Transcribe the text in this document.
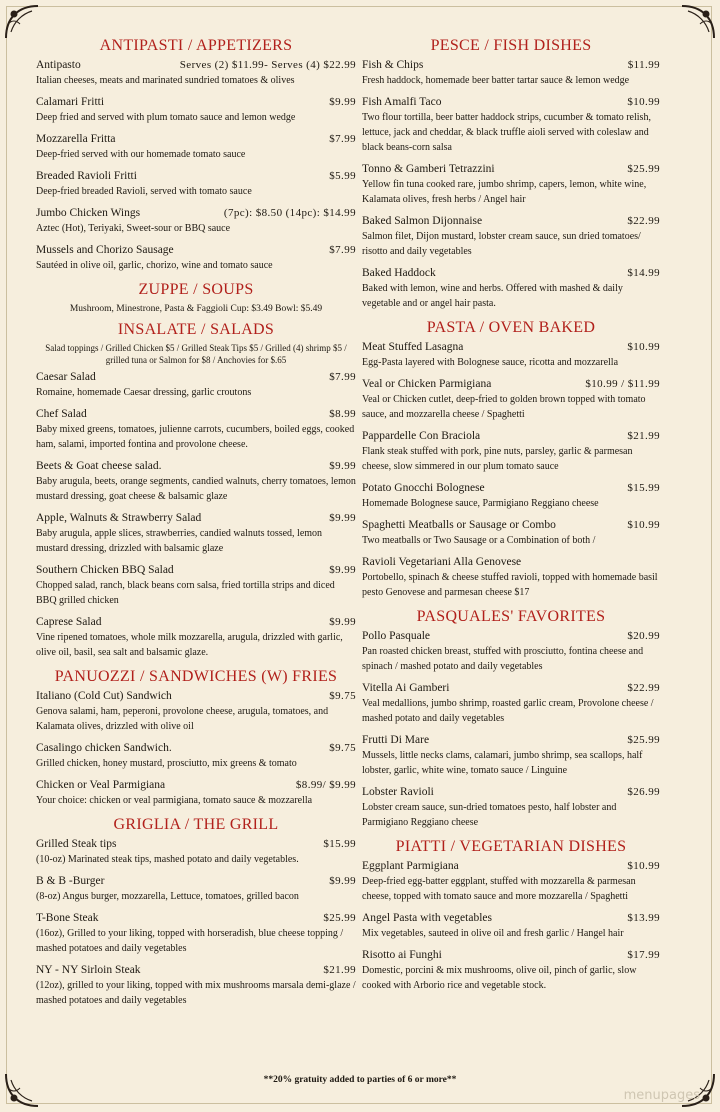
ANTIPASTI / APPETIZERS
Antipasto	Serves (2) $11.99- Serves (4) $22.99
Italian cheeses, meats and marinated sundried tomatoes & olives
Calamari Fritti	$9.99
Deep fried and served with plum tomato sauce and lemon wedge
Mozzarella Fritta	$7.99
Deep-fried served with our homemade tomato sauce
Breaded Ravioli Fritti	$5.99
Deep-fried breaded Ravioli, served with tomato sauce
Jumbo Chicken Wings	(7pc): $8.50 (14pc): $14.99
Aztec (Hot), Teriyaki, Sweet-sour or BBQ sauce
Mussels and Chorizo Sausage	$7.99
Sautéed in olive oil, garlic, chorizo, wine and tomato sauce
ZUPPE / SOUPS
Mushroom, Minestrone, Pasta & Faggioli Cup: $3.49 Bowl: $5.49
INSALATE / SALADS
Salad toppings / Grilled Chicken $5 / Grilled Steak Tips $5 / Grilled (4) shrimp $5 / grilled tuna or Salmon for $8 / Anchovies for $.65
Caesar Salad	$7.99
Romaine, homemade Caesar dressing, garlic croutons
Chef Salad	$8.99
Baby mixed greens, tomatoes, julienne carrots, cucumbers, boiled eggs, cooked ham, salami, imported fontina and provolone cheese.
Beets & Goat cheese salad.	$9.99
Baby arugula, beets, orange segments, candied walnuts, cherry tomatoes, lemon mustard dressing, goat cheese & balsamic glaze
Apple, Walnuts & Strawberry Salad	$9.99
Baby arugula, apple slices, strawberries, candied walnuts tossed, lemon mustard dressing, drizzled with balsamic glaze
Southern Chicken BBQ Salad	$9.99
Chopped salad, ranch, black beans corn salsa, fried tortilla strips and diced BBQ grilled chicken
Caprese Salad	$9.99
Vine ripened tomatoes, whole milk mozzarella, arugula, drizzled with garlic, olive oil, basil, sea salt and balsamic glaze.
PANUOZZI / SANDWICHES (W) FRIES
Italiano (Cold Cut) Sandwich	$9.75
Genova salami, ham, peperoni, provolone cheese, arugula, tomatoes, and Kalamata olives, drizzled with olive oil
Casalingo chicken Sandwich.	$9.75
Grilled chicken, honey mustard, prosciutto, mix greens & tomato
Chicken or Veal Parmigiana	$8.99/ $9.99
Your choice: chicken or veal parmigiana, tomato sauce & mozzarella
GRIGLIA / THE GRILL
Grilled Steak tips	$15.99
(10-oz) Marinated steak tips, mashed potato and daily vegetables.
B & B -Burger	$9.99
(8-oz) Angus burger, mozzarella, Lettuce, tomatoes, grilled bacon
T-Bone Steak	$25.99
(16oz), Grilled to your liking, topped with horseradish, blue cheese topping / mashed potatoes and daily vegetables
NY - NY Sirloin Steak	$21.99
(12oz), grilled to your liking, topped with mix mushrooms marsala demi-glaze / mashed potatoes and daily vegetables
PESCE / FISH DISHES
Fish & Chips	$11.99
Fresh haddock, homemade beer batter tartar sauce & lemon wedge
Fish Amalfi Taco	$10.99
Two flour tortilla, beer batter haddock strips, cucumber & tomato relish, lettuce, jack and cheddar, & black truffle aioli served with coleslaw and black beans-corn salsa
Tonno & Gamberi Tetrazzini	$25.99
Yellow fin tuna cooked rare, jumbo shrimp, capers, lemon, white wine, Kalamata olives, fresh herbs / Angel hair
Baked Salmon Dijonnaise	$22.99
Salmon filet, Dijon mustard, lobster cream sauce, sun dried tomatoes/ risotto and daily vegetables
Baked Haddock	$14.99
Baked with lemon, wine and herbs. Offered with mashed & daily vegetable and or angel hair pasta.
PASTA / OVEN BAKED
Meat Stuffed Lasagna	$10.99
Egg-Pasta layered with Bolognese sauce, ricotta and mozzarella
Veal or Chicken Parmigiana	$10.99 / $11.99
Veal or Chicken cutlet, deep-fried to golden brown topped with tomato sauce, and mozzarella cheese / Spaghetti
Pappardelle Con Braciola	$21.99
Flank steak stuffed with pork, pine nuts, parsley, garlic & parmesan cheese, slow simmered in our plum tomato sauce
Potato Gnocchi Bolognese	$15.99
Homemade Bolognese sauce, Parmigiano Reggiano cheese
Spaghetti Meatballs or Sausage or Combo	$10.99
Two meatballs or Two Sausage or a Combination of both /
Ravioli Vegetariani Alla Genovese
Portobello, spinach & cheese stuffed ravioli, topped with homemade basil pesto Genovese and parmesan cheese $17
PASQUALES' FAVORITES
Pollo Pasquale	$20.99
Pan roasted chicken breast, stuffed with prosciutto, fontina cheese and spinach / mashed potato and daily vegetables
Vitella Ai Gamberi	$22.99
Veal medallions, jumbo shrimp, roasted garlic cream, Provolone cheese / mashed potato and daily vegetables
Frutti Di Mare	$25.99
Mussels, little necks clams, calamari, jumbo shrimp, sea scallops, half lobster, garlic, white wine, tomato sauce / Linguine
Lobster Ravioli	$26.99
Lobster cream sauce, sun-dried tomatoes pesto, half lobster and Parmigiano Reggiano cheese
PIATTI / VEGETARIAN DISHES
Eggplant Parmigiana	$10.99
Deep-fried egg-batter eggplant, stuffed with mozzarella & parmesan cheese, topped with tomato sauce and more mozzarella / Spaghetti
Angel Pasta with vegetables	$13.99
Mix vegetables, sauteed in olive oil and fresh garlic / Hangel hair
Risotto ai Funghi	$17.99
Domestic, porcini & mix mushrooms, olive oil, pinch of garlic, slow cooked with Arborio rice and vegetable stock.
**20% gratuity added to parties of 6 or more**
menupages
